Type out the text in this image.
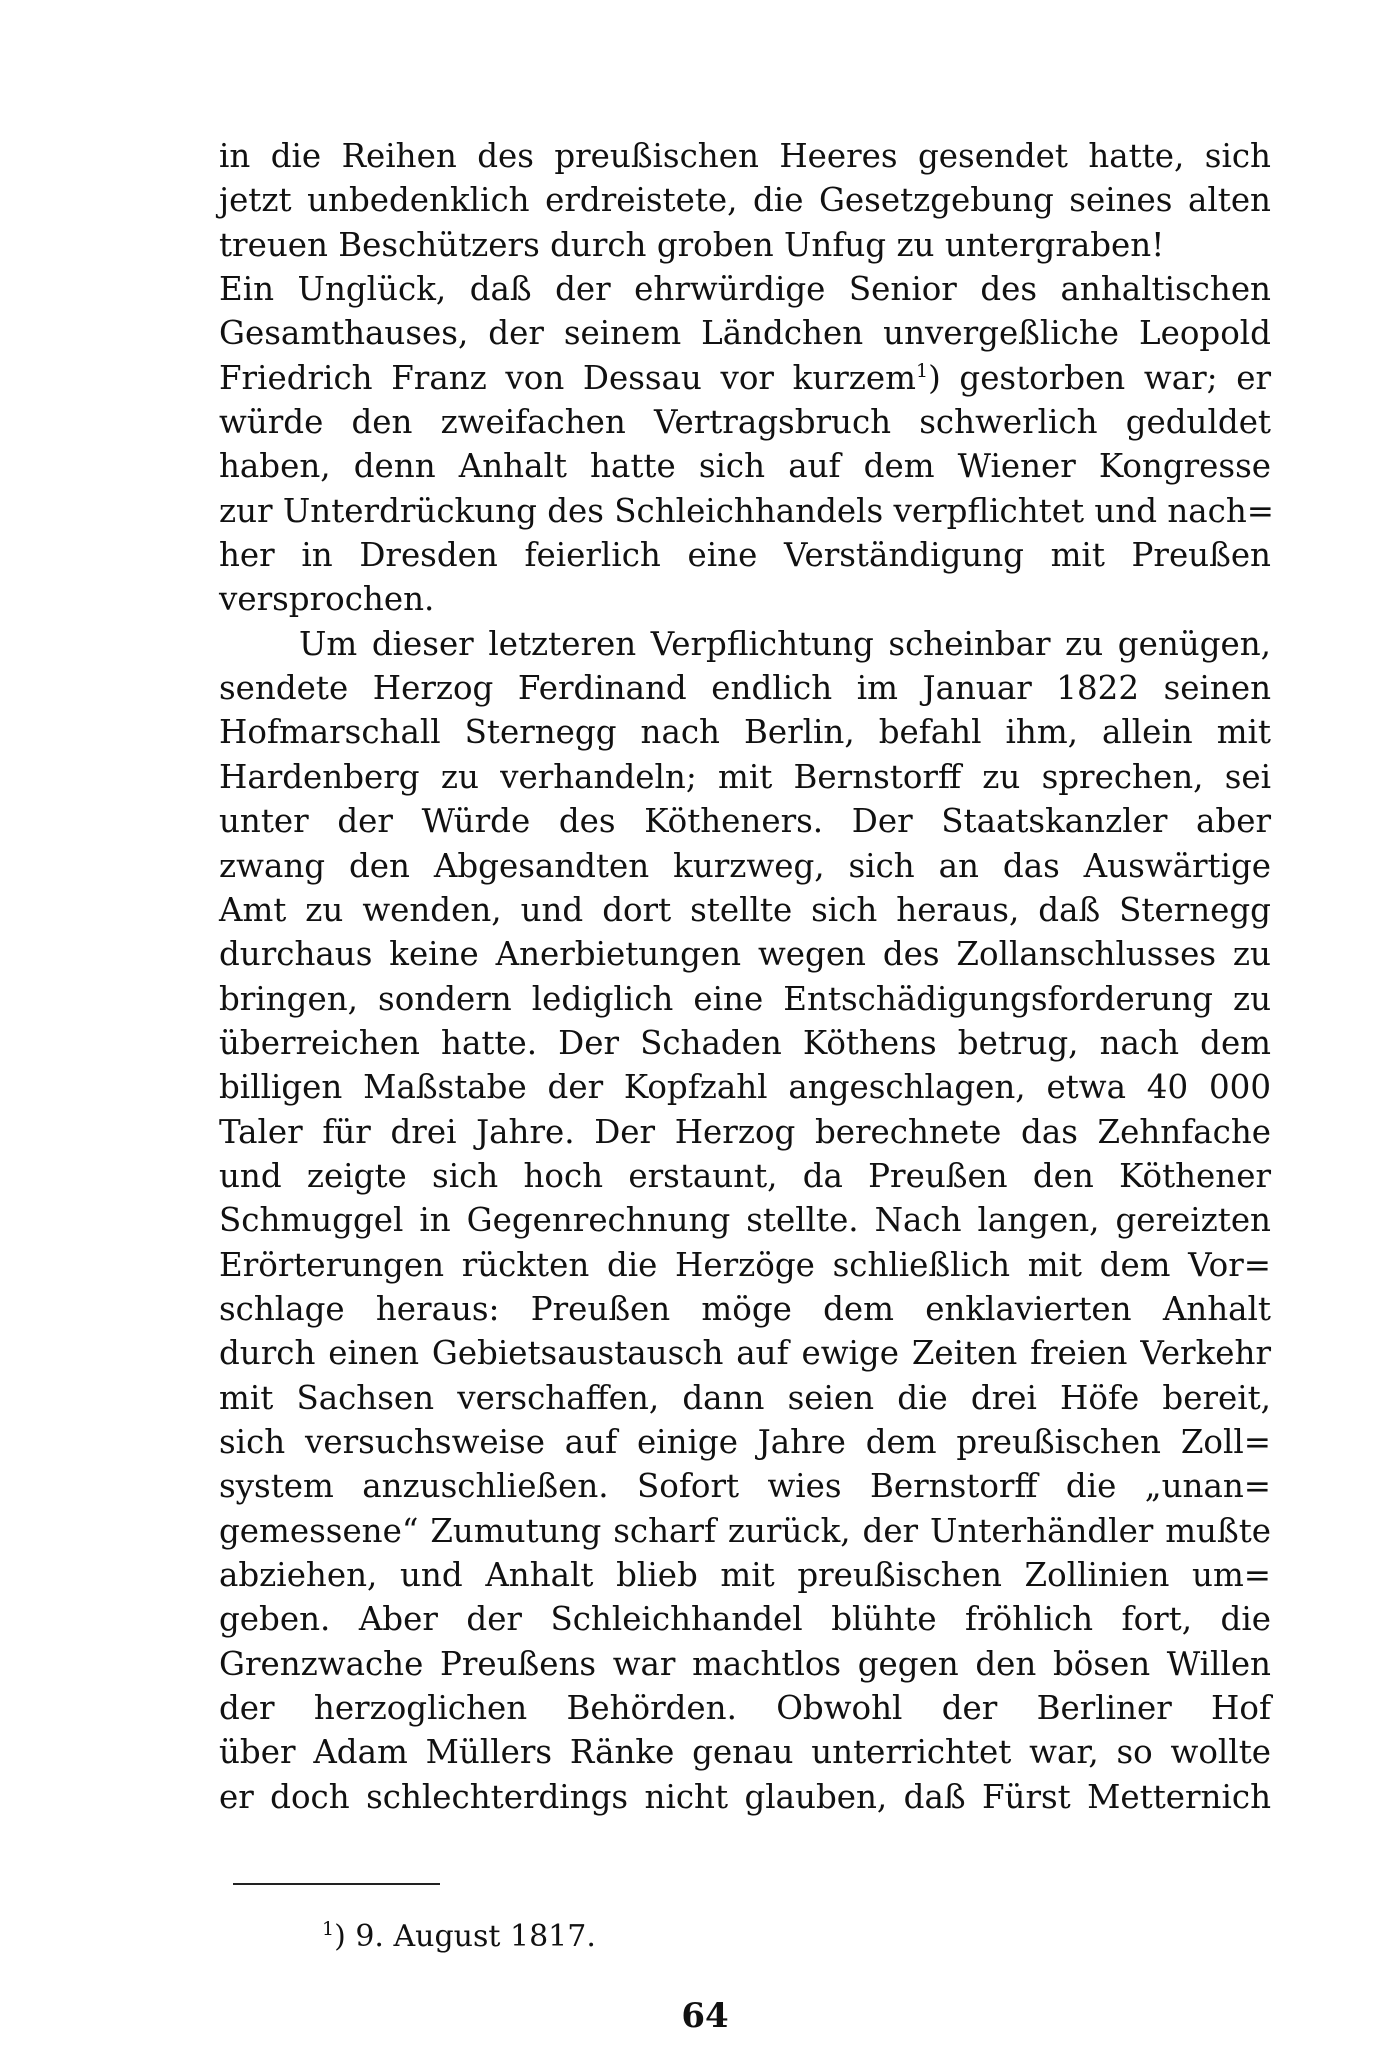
in die Reihen des preußischen Heeres gesendet hatte, sich
jetzt unbedenklich erdreistete, die Gesetzgebung seines alten
treuen Beschützers durch groben Unfug zu untergraben!
Ein Unglück, daß der ehrwürdige Senior des anhaltischen
Gesamthauses, der seinem Ländchen unvergeßliche Leopold
Friedrich Franz von Dessau vor kurzem$^1$) gestorben war; er
würde den zweifachen Vertragsbruch schwerlich geduldet
haben, denn Anhalt hatte sich auf dem Wiener Kongresse
zur Unterdrückung des Schleichhandels verpflichtet und nach=
her in Dresden feierlich eine Verständigung mit Preußen
versprochen.
Um dieser letzteren Verpflichtung scheinbar zu genügen,
sendete Herzog Ferdinand endlich im Januar 1822 seinen
Hofmarschall Sternegg nach Berlin, befahl ihm, allein mit
Hardenberg zu verhandeln; mit Bernstorff zu sprechen, sei
unter der Würde des Kötheners. Der Staatskanzler aber
zwang den Abgesandten kurzweg, sich an das Auswärtige
Amt zu wenden, und dort stellte sich heraus, daß Sternegg
durchaus keine Anerbietungen wegen des Zollanschlusses zu
bringen, sondern lediglich eine Entschädigungsforderung zu
überreichen hatte. Der Schaden Köthens betrug, nach dem
billigen Maßstabe der Kopfzahl angeschlagen, etwa 40 000
Taler für drei Jahre. Der Herzog berechnete das Zehnfache
und zeigte sich hoch erstaunt, da Preußen den Köthener
Schmuggel in Gegenrechnung stellte. Nach langen, gereizten
Erörterungen rückten die Herzöge schließlich mit dem Vor=
schlage heraus: Preußen möge dem enklavierten Anhalt
durch einen Gebietsaustausch auf ewige Zeiten freien Verkehr
mit Sachsen verschaffen, dann seien die drei Höfe bereit,
sich versuchsweise auf einige Jahre dem preußischen Zoll=
system anzuschließen. Sofort wies Bernstorff die „unan=
gemessene“ Zumutung scharf zurück, der Unterhändler mußte
abziehen, und Anhalt blieb mit preußischen Zollinien um=
geben. Aber der Schleichhandel blühte fröhlich fort, die
Grenzwache Preußens war machtlos gegen den bösen Willen
der herzoglichen Behörden. Obwohl der Berliner Hof
über Adam Müllers Ränke genau unterrichtet war, so wollte
er doch schlechterdings nicht glauben, daß Fürst Metternich
$^1$) 9. August 1817.
64
